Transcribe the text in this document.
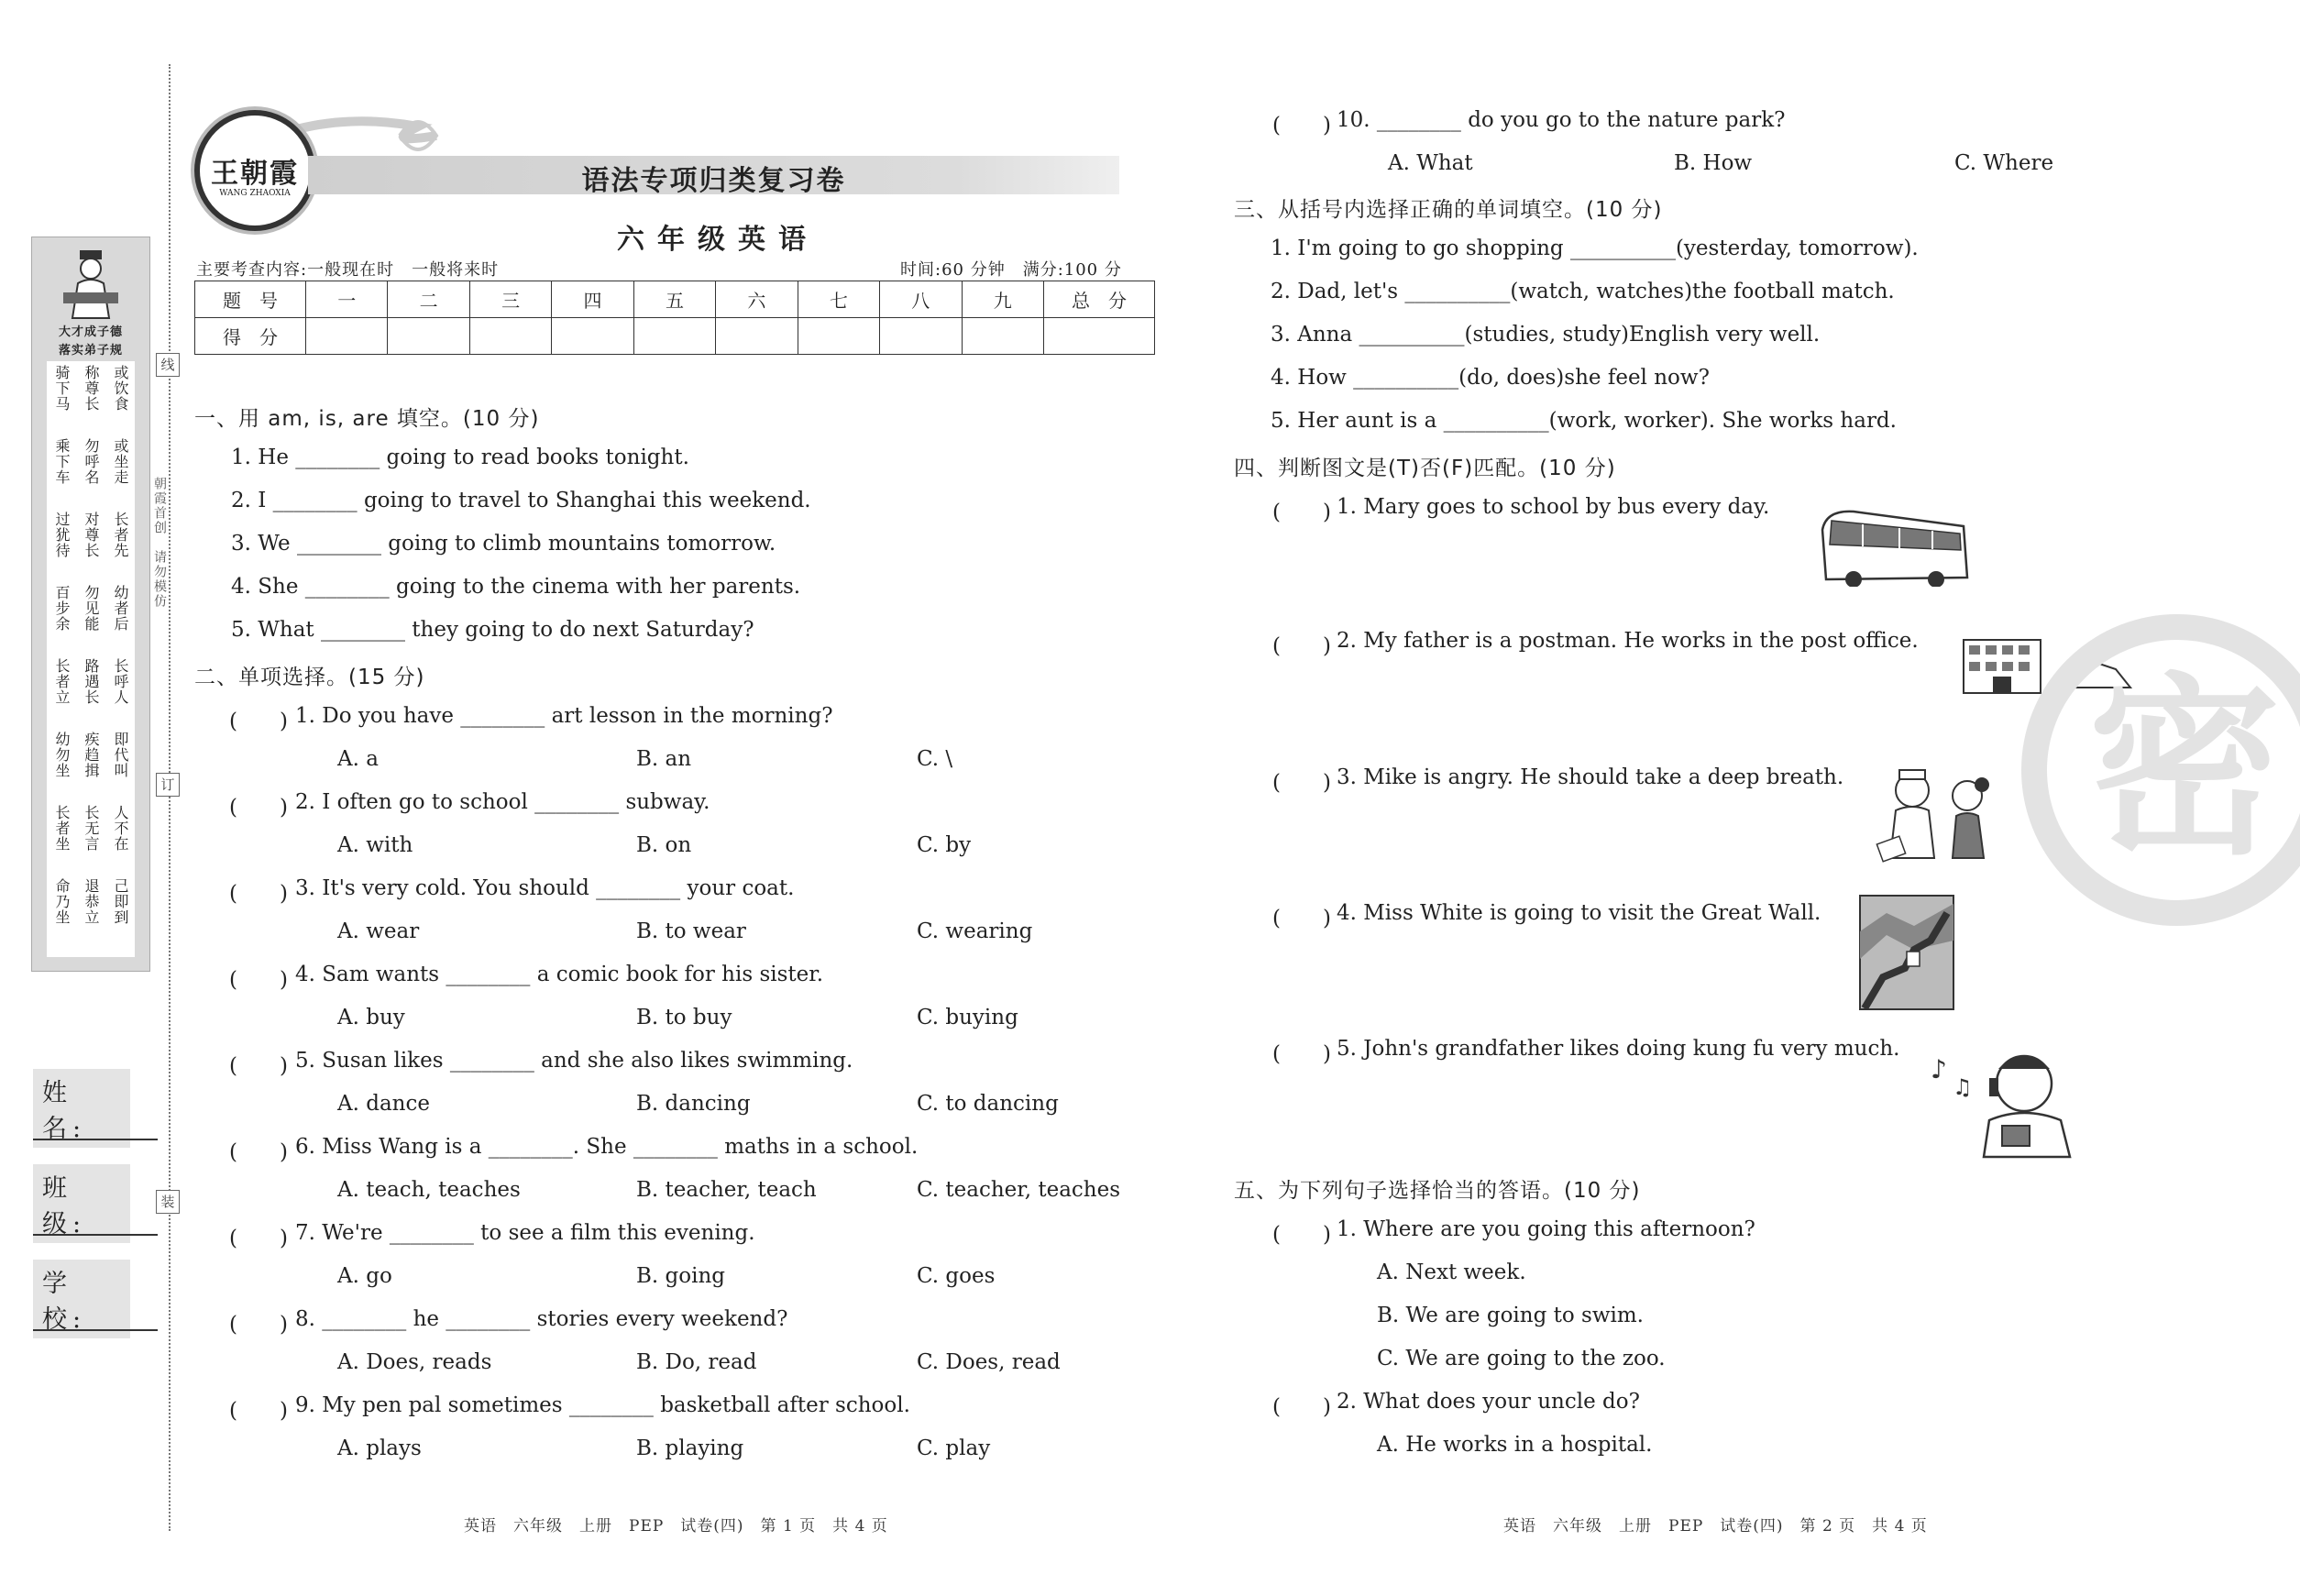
线
订
装
朝霞首创　请勿模仿
大才成子德
落实弟子规
骑下马 称尊长 或饮食
乘下车 勿呼名 或坐走
过犹待 对尊长 长者先
百步余 勿见能 幼者后
长者立 路遇长 长呼人
幼勿坐 疾趋揖 即代叫
长者坐 长无言 人不在
命乃坐 退恭立 己即到
姓 名:
班 级:
学 校:
王朝霞
WANG ZHAOXIA	语法专项归类复习卷
六年级英语
主要考查内容:一般现在时　一般将来时	时间:60 分钟　满分:100 分
题　号	一	二	三	四	五	六	七	八	九	总　分
得　分										
一、用 am, is, are 填空。(10 分)
1. He ________ going to read books tonight.
2. I ________ going to travel to Shanghai this weekend.
3. We ________ going to climb mountains tomorrow.
4. She ________ going to the cinema with her parents.
5. What ________ they going to do next Saturday?
二、单项选择。(15 分)
(　　) 1. Do you have ________ art lesson in the morning?
A. a	B. an	C. \
(　　) 2. I often go to school ________ subway.
A. with	B. on	C. by
(　　) 3. It's very cold. You should ________ your coat.
A. wear	B. to wear	C. wearing
(　　) 4. Sam wants ________ a comic book for his sister.
A. buy	B. to buy	C. buying
(　　) 5. Susan likes ________ and she also likes swimming.
A. dance	B. dancing	C. to dancing
(　　) 6. Miss Wang is a ________. She ________ maths in a school.
A. teach, teaches	B. teacher, teach	C. teacher, teaches
(　　) 7. We're ________ to see a film this evening.
A. go	B. going	C. goes
(　　) 8. ________ he ________ stories every weekend?
A. Does, reads	B. Do, read	C. Does, read
(　　) 9. My pen pal sometimes ________ basketball after school.
A. plays	B. playing	C. play
(　　) 10. ________ do you go to the nature park?
A. What	B. How	C. Where
三、从括号内选择正确的单词填空。(10 分)
1. I'm going to go shopping __________(yesterday, tomorrow).
2. Dad, let's __________(watch, watches)the football match.
3. Anna __________(studies, study)English very well.
4. How __________(do, does)she feel now?
5. Her aunt is a __________(work, worker). She works hard.
四、判断图文是(T)否(F)匹配。(10 分)
(　　) 1. Mary goes to school by bus every day.
(　　) 2. My father is a postman. He works in the post office.
(　　) 3. Mike is angry. He should take a deep breath.
(　　) 4. Miss White is going to visit the Great Wall.
(　　) 5. John's grandfather likes doing kung fu very much.
♪
♫
五、为下列句子选择恰当的答语。(10 分)
(　　) 1. Where are you going this afternoon?
A. Next week.
B. We are going to swim.
C. We are going to the zoo.
(　　) 2. What does your uncle do?
A. He works in a hospital.
密
英语　六年级　上册　PEP　试卷(四)　第 1 页　共 4 页	英语　六年级　上册　PEP　试卷(四)　第 2 页　共 4 页
